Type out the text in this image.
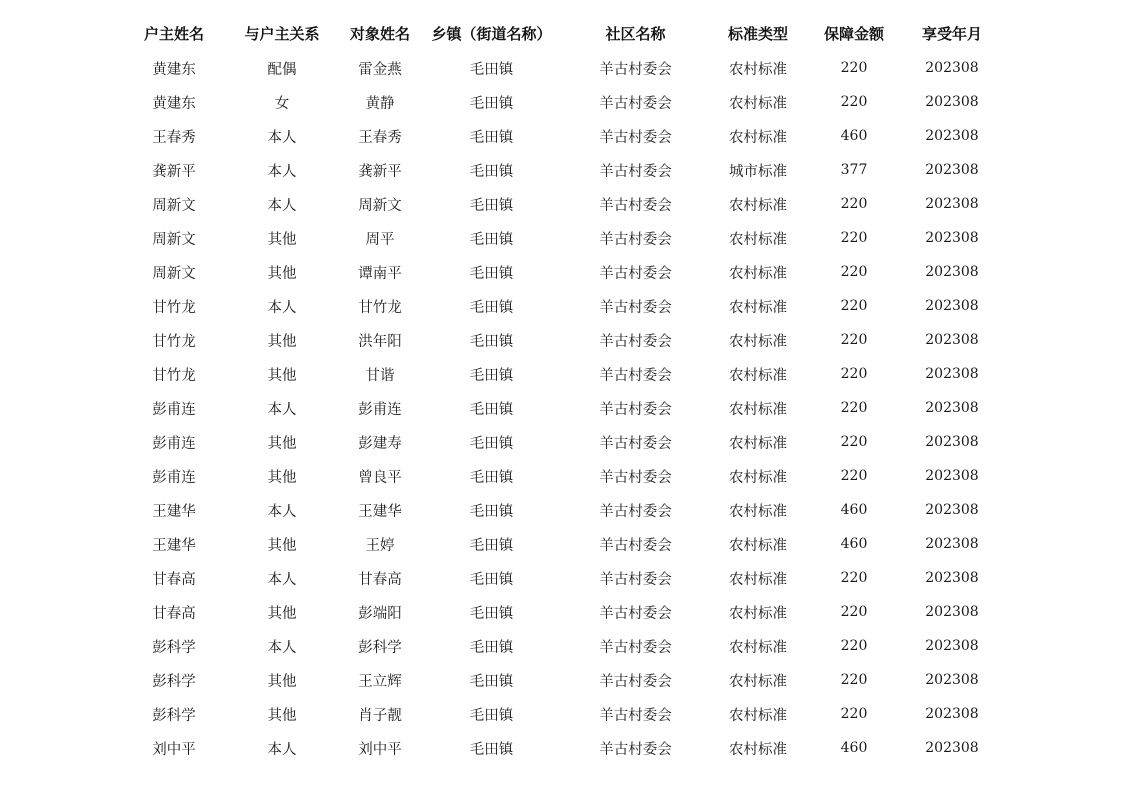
户主姓名	与户主关系	对象姓名	乡镇（街道名称）	社区名称	标准类型	保障金额	享受年月
黄建东	配偶	雷金燕	毛田镇	羊古村委会	农村标准	220	202308
黄建东	女	黄静	毛田镇	羊古村委会	农村标准	220	202308
王春秀	本人	王春秀	毛田镇	羊古村委会	农村标准	460	202308
龚新平	本人	龚新平	毛田镇	羊古村委会	城市标准	377	202308
周新文	本人	周新文	毛田镇	羊古村委会	农村标准	220	202308
周新文	其他	周平	毛田镇	羊古村委会	农村标准	220	202308
周新文	其他	谭南平	毛田镇	羊古村委会	农村标准	220	202308
甘竹龙	本人	甘竹龙	毛田镇	羊古村委会	农村标准	220	202308
甘竹龙	其他	洪年阳	毛田镇	羊古村委会	农村标准	220	202308
甘竹龙	其他	甘谐	毛田镇	羊古村委会	农村标准	220	202308
彭甫连	本人	彭甫连	毛田镇	羊古村委会	农村标准	220	202308
彭甫连	其他	彭建寿	毛田镇	羊古村委会	农村标准	220	202308
彭甫连	其他	曾良平	毛田镇	羊古村委会	农村标准	220	202308
王建华	本人	王建华	毛田镇	羊古村委会	农村标准	460	202308
王建华	其他	王婷	毛田镇	羊古村委会	农村标准	460	202308
甘春高	本人	甘春高	毛田镇	羊古村委会	农村标准	220	202308
甘春高	其他	彭端阳	毛田镇	羊古村委会	农村标准	220	202308
彭科学	本人	彭科学	毛田镇	羊古村委会	农村标准	220	202308
彭科学	其他	王立辉	毛田镇	羊古村委会	农村标准	220	202308
彭科学	其他	肖子靓	毛田镇	羊古村委会	农村标准	220	202308
刘中平	本人	刘中平	毛田镇	羊古村委会	农村标准	460	202308
